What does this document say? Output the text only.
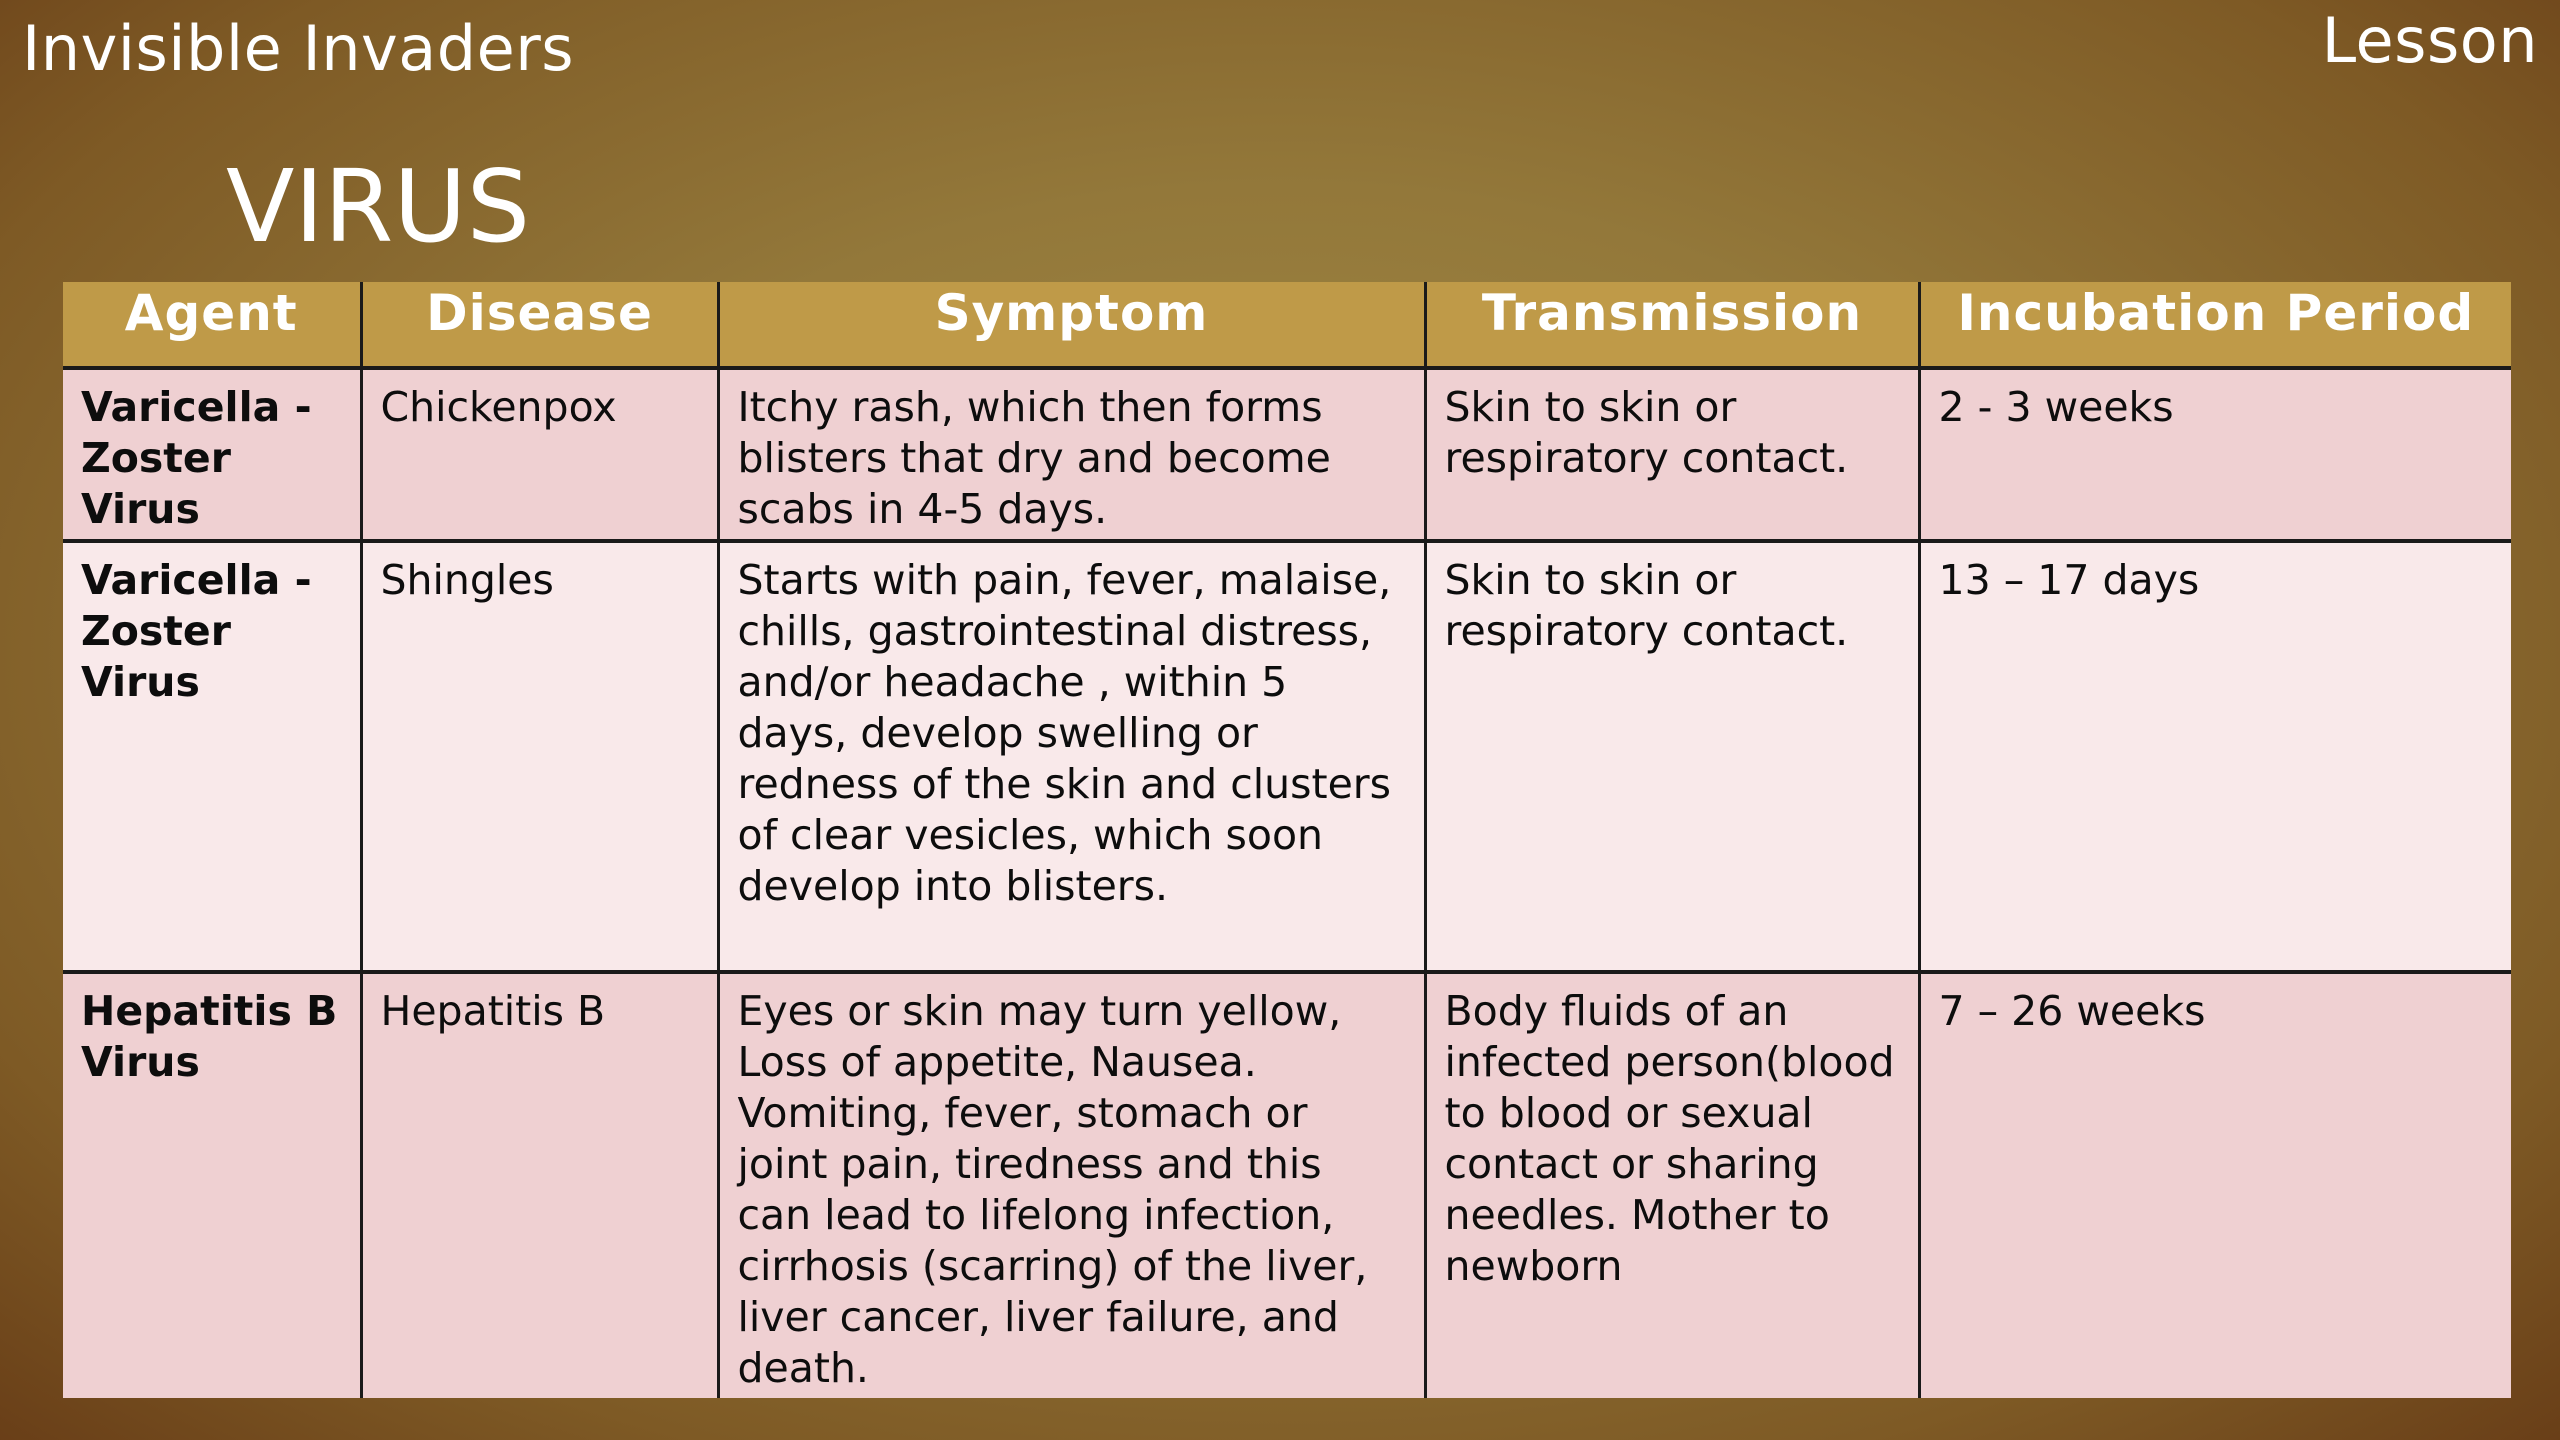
Invisible Invaders	Lesson
VIRUS
Agent	Disease	Symptom	Transmission	Incubation Period
Varicella - Zoster Virus	Chickenpox	Itchy rash, which then forms blisters that dry and become scabs in 4-5 days.	Skin to skin or respiratory contact.	2 - 3 weeks
Varicella - Zoster Virus	Shingles	Starts with pain, fever, malaise, chills, gastrointestinal distress, and/or headache , within 5 days, develop swelling or redness of the skin and clusters of clear vesicles, which soon develop into blisters.	Skin to skin or respiratory contact.	13 – 17 days
Hepatitis B Virus	Hepatitis B	Eyes or skin may turn yellow, Loss of appetite, Nausea. Vomiting, fever, stomach or joint pain, tiredness and this can lead to lifelong infection, cirrhosis (scarring) of the liver, liver cancer, liver failure, and death.	Body fluids of an infected person(blood to blood or sexual contact or sharing needles. Mother to newborn	7 – 26 weeks
